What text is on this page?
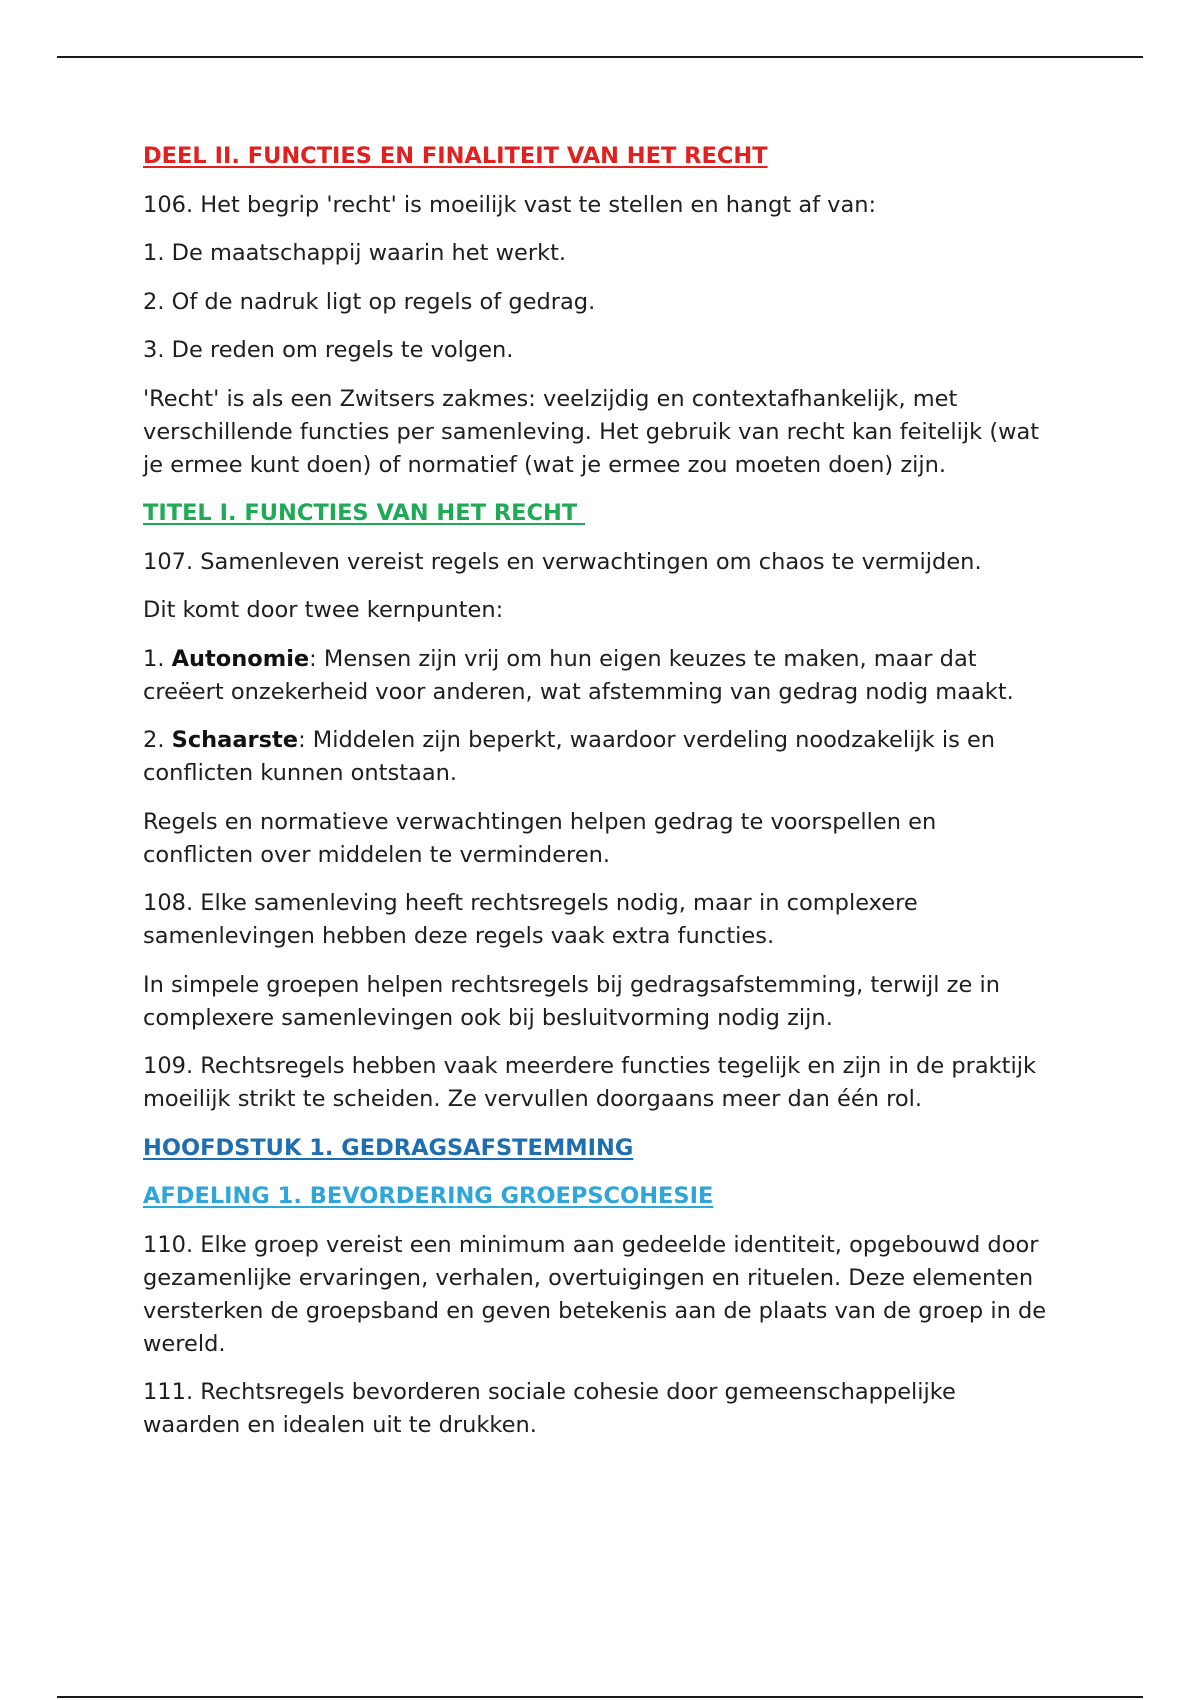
DEEL II. FUNCTIES EN FINALITEIT VAN HET RECHT

106. Het begrip 'recht' is moeilijk vast te stellen en hangt af van:

1. De maatschappij waarin het werkt.

2. Of de nadruk ligt op regels of gedrag.

3. De reden om regels te volgen.

'Recht' is als een Zwitsers zakmes: veelzijdig en contextafhankelijk, met verschillende functies per samenleving. Het gebruik van recht kan feitelijk (wat je ermee kunt doen) of normatief (wat je ermee zou moeten doen) zijn.

TITEL I. FUNCTIES VAN HET RECHT

107. Samenleven vereist regels en verwachtingen om chaos te vermijden.

Dit komt door twee kernpunten:

1. Autonomie: Mensen zijn vrij om hun eigen keuzes te maken, maar dat creëert onzekerheid voor anderen, wat afstemming van gedrag nodig maakt.

2. Schaarste: Middelen zijn beperkt, waardoor verdeling noodzakelijk is en conflicten kunnen ontstaan.

Regels en normatieve verwachtingen helpen gedrag te voorspellen en conflicten over middelen te verminderen.

108. Elke samenleving heeft rechtsregels nodig, maar in complexere samenlevingen hebben deze regels vaak extra functies.

In simpele groepen helpen rechtsregels bij gedragsafstemming, terwijl ze in complexere samenlevingen ook bij besluitvorming nodig zijn.

109. Rechtsregels hebben vaak meerdere functies tegelijk en zijn in de praktijk moeilijk strikt te scheiden. Ze vervullen doorgaans meer dan één rol.

HOOFDSTUK 1. GEDRAGSAFSTEMMING
AFDELING 1. BEVORDERING GROEPSCOHESIE

110. Elke groep vereist een minimum aan gedeelde identiteit, opgebouwd door gezamenlijke ervaringen, verhalen, overtuigingen en rituelen. Deze elementen versterken de groepsband en geven betekenis aan de plaats van de groep in de wereld.

111. Rechtsregels bevorderen sociale cohesie door gemeenschappelijke waarden en idealen uit te drukken.
